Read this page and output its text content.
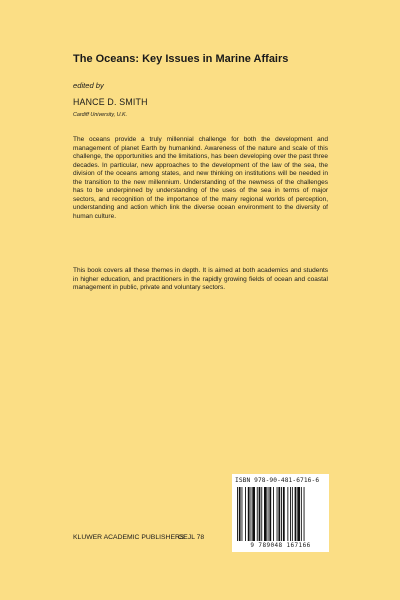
The Oceans: Key Issues in Marine Affairs
edited by
HANCE D. SMITH
Cardiff University, U.K.

The oceans provide a truly millennial challenge for both the development and management of planet Earth by humankind. Awareness of the nature and scale of this challenge, the opportunities and the limitations, has been developing over the past three decades. In particular, new approaches to the development of the law of the sea, the division of the oceans among states, and new thinking on institutions will be needed in the transition to the new millennium. Understanding of the newness of the challenges has to be underpinned by understanding of the uses of the sea in terms of major sectors, and recognition of the importance of the many regional worlds of perception, understanding and action which link the diverse ocean environment to the diversity of human culture.

This book covers all these themes in depth. It is aimed at both academics and students in higher education, and practitioners in the rapidly growing fields of ocean and coastal management in public, private and voluntary sectors.

ISBN 978-90-481-6716-6
9 789048 167166
KLUWER ACADEMIC PUBLISHERS
GEJL 78
